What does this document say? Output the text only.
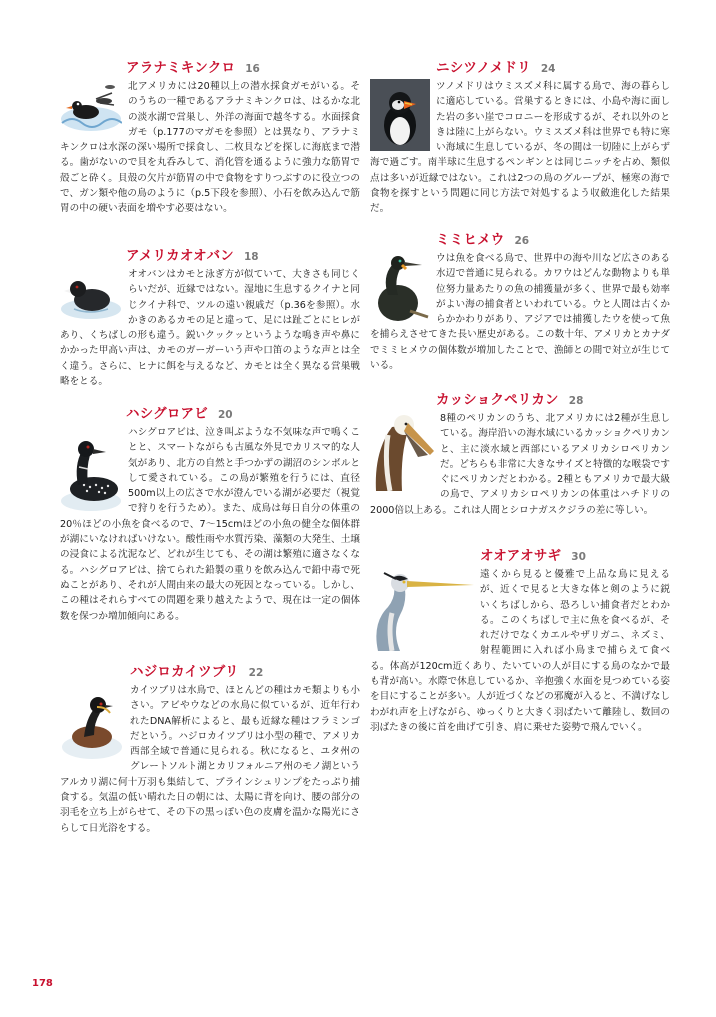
アラナミキンクロ 16

北アメリカには20種以上の潜水採食ガモがいる。そのうちの一種であるアラナミキンクロは、はるかな北の淡水湖で営巣し、外洋の海面で越冬する。水面採食ガモ（p.177のマガモを参照）とは異なり、アラナミキンクロは水深の深い場所で採食し、二枚貝などを探しに海底まで潜る。歯がないので貝を丸呑みして、消化管を通るように強力な筋胃で殻ごと砕く。貝殻の欠片が筋胃の中で食物をすりつぶすのに役立つので、ガン類や他の鳥のように（p.5下段を参照）、小石を飲み込んで筋胃の中の硬い表面を増やす必要はない。

アメリカオオバン 18

オオバンはカモと泳ぎ方が似ていて、大きさも同じくらいだが、近縁ではない。湿地に生息するクイナと同じクイナ科で、ツルの遠い親戚だ（p.36を参照）。水かきのあるカモの足と違って、足には趾ごとにヒレがあり、くちばしの形も違う。鋭いクックッというような鳴き声や鼻にかかった甲高い声は、カモのガーガーいう声や口笛のような声とは全く違う。さらに、ヒナに餌を与えるなど、カモとは全く異なる営巣戦略をとる。

ハシグロアビ 20

ハシグロアビは、泣き叫ぶような不気味な声で鳴くことと、スマートながらも古風な外見でカリスマ的な人気があり、北方の自然と手つかずの湖沼のシンボルとして愛されている。この鳥が繁殖を行うには、直径500m以上の広さで水が澄んでいる湖が必要だ（視覚で狩りを行うため）。また、成鳥は毎日自分の体重の20％ほどの小魚を食べるので、7〜15cmほどの小魚の健全な個体群が湖にいなければいけない。酸性雨や水質汚染、藻類の大発生、土壌の浸食による沈泥など、どれが生じても、その湖は繁殖に適さなくなる。ハシグロアビは、捨てられた鉛製の重りを飲み込んで鉛中毒で死ぬことがあり、それが人間由来の最大の死因となっている。しかし、この種はそれらすべての問題を乗り越えたようで、現在は一定の個体数を保つか増加傾向にある。

ハジロカイツブリ 22

カイツブリは水鳥で、ほとんどの種はカモ類よりも小さい。アビやウなどの水鳥に似ているが、近年行われたDNA解析によると、最も近縁な種はフラミンゴだという。ハジロカイツブリは小型の種で、アメリカ西部全域で普通に見られる。秋になると、ユタ州のグレートソルト湖とカリフォルニア州のモノ湖というアルカリ湖に何十万羽も集結して、ブラインシュリンプをたっぷり捕食する。気温の低い晴れた日の朝には、太陽に背を向け、腰の部分の羽毛を立ち上がらせて、その下の黒っぽい色の皮膚を温かな陽光にさらして日光浴をする。

ニシツノメドリ 24

ツノメドリはウミスズメ科に属する鳥で、海の暮らしに適応している。営巣するときには、小島や海に面した岩の多い崖でコロニーを形成するが、それ以外のときは陸に上がらない。ウミスズメ科は世界でも特に寒い海域に生息しているが、冬の間は一切陸に上がらず海で過ごす。南半球に生息するペンギンとは同じニッチを占め、類似点は多いが近縁ではない。これは2つの鳥のグループが、極寒の海で食物を探すという問題に同じ方法で対処するよう収斂進化した結果だ。

ミミヒメウ 26

ウは魚を食べる鳥で、世界中の海や川など広さのある水辺で普通に見られる。カワウはどんな動物よりも単位努力量あたりの魚の捕獲量が多く、世界で最も効率がよい海の捕食者といわれている。ウと人間は古くからかかわりがあり、アジアでは捕獲したウを使って魚を捕らえさせてきた長い歴史がある。この数十年、アメリカとカナダでミミヒメウの個体数が増加したことで、漁師との間で対立が生じている。

カッショクペリカン 28

8種のペリカンのうち、北アメリカには2種が生息している。海岸沿いの海水域にいるカッショクペリカンと、主に淡水域と西部にいるアメリカシロペリカンだ。どちらも非常に大きなサイズと特徴的な喉袋ですぐにペリカンだとわかる。2種ともアメリカで最大級の鳥で、アメリカシロペリカンの体重はハチドリの2000倍以上ある。これは人間とシロナガスクジラの差に等しい。

オオアオサギ 30

遠くから見ると優雅で上品な鳥に見えるが、近くで見ると大きな体と剣のように鋭いくちばしから、恐ろしい捕食者だとわかる。このくちばしで主に魚を食べるが、それだけでなくカエルやザリガニ、ネズミ、射程範囲に入れば小鳥まで捕らえて食べる。体高が120cm近くあり、たいていの人が目にする鳥のなかで最も背が高い。水際で休息しているか、辛抱強く水面を見つめている姿を目にすることが多い。人が近づくなどの邪魔が入ると、不満げなしわがれ声を上げながら、ゆっくりと大きく羽ばたいて離陸し、数回の羽ばたきの後に首を曲げて引き、肩に乗せた姿勢で飛んでいく。

178
